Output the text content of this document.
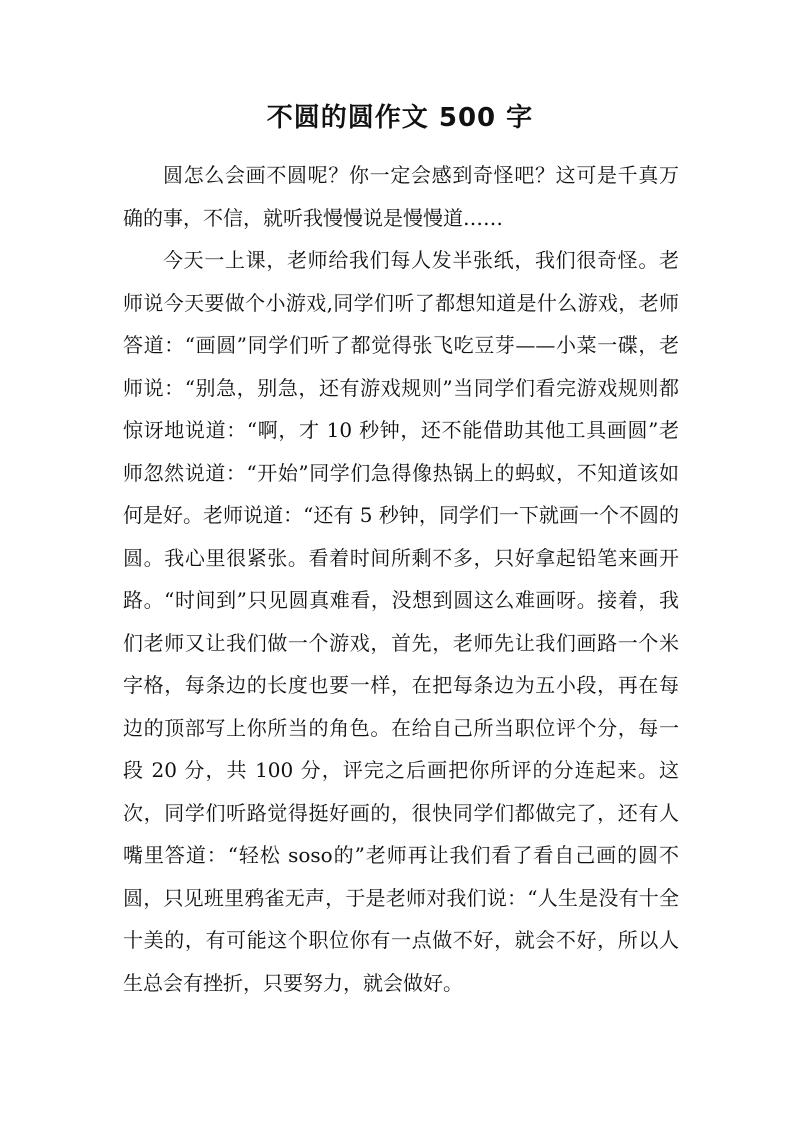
不圆的圆作文 500 字

圆怎么会画不圆呢？你一定会感到奇怪吧？这可是千真万确的事，不信，就听我慢慢说是慢慢道……

今天一上课，老师给我们每人发半张纸，我们很奇怪。老师说今天要做个小游戏,同学们听了都想知道是什么游戏，老师答道：“画圆”同学们听了都觉得张飞吃豆芽——小菜一碟，老师说：“别急，别急，还有游戏规则”当同学们看完游戏规则都惊讶地说道：“啊，才 10 秒钟，还不能借助其他工具画圆”老师忽然说道：“开始”同学们急得像热锅上的蚂蚁，不知道该如何是好。老师说道：“还有 5 秒钟，同学们一下就画一个不圆的圆。我心里很紧张。看着时间所剩不多，只好拿起铅笔来画开路。“时间到”只见圆真难看，没想到圆这么难画呀。接着，我们老师又让我们做一个游戏，首先，老师先让我们画路一个米字格，每条边的长度也要一样，在把每条边为五小段，再在每边的顶部写上你所当的角色。在给自己所当职位评个分，每一段 20 分，共 100 分，评完之后画把你所评的分连起来。这次，同学们听路觉得挺好画的，很快同学们都做完了，还有人嘴里答道：“轻松 soso的”老师再让我们看了看自己画的圆不圆，只见班里鸦雀无声，于是老师对我们说：“人生是没有十全十美的，有可能这个职位你有一点做不好，就会不好，所以人生总会有挫折，只要努力，就会做好。
